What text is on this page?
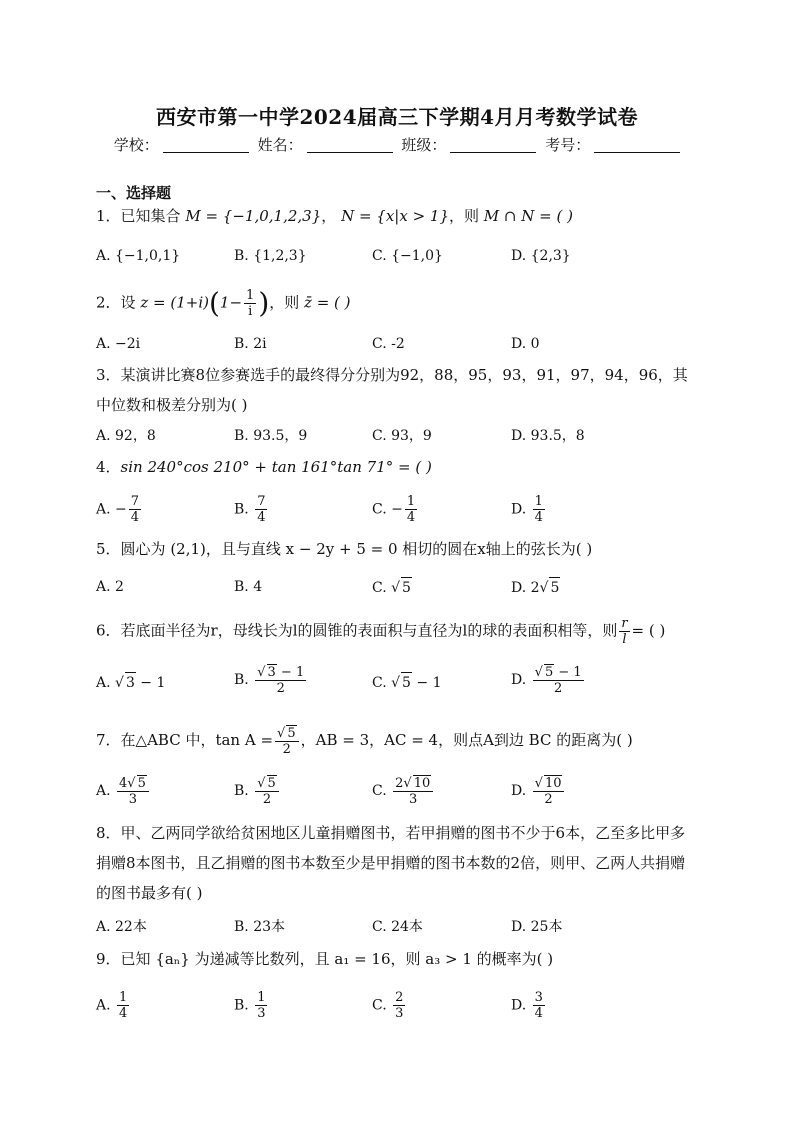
西安市第一中学2024届高三下学期4月月考数学试卷
学校：	姓名：	班级：	考号：
一、选择题
1．已知集合 M = {−1,0,1,2,3}， N = {x|x > 1}，则 M ∩ N = ( )
A. {−1,0,1}	B. {1,2,3}	C. {−1,0}	D. {2,3}
2．设 $z = (1+i)(1- \frac{1}{i}$ )，则 z̄ = ( )
A. −2i	B. 2i	C. -2	D. 0
3．某演讲比赛8位参赛选手的最终得分分别为92，88，95，93，91，97，94，96，其中位数和极差分别为( )
A. 92，8	B. 93.5，9	C. 93，9	D. 93.5，8
4．sin 240°cos 210° + tan 161°tan 71° = ( )
A. − $\frac{7}{4}$	B. $\frac{7}{4}$	C. − $\frac{1}{4}$	D. $\frac{1}{4}$
5．圆心为 (2,1)，且与直线 x − 2y + 5 = 0 相切的圆在x轴上的弦长为( )
A. 2	B. 4	C. √ 5	D. 2√ 5
6．若底面半径为r，母线长为l的圆锥的表面积与直径为l的球的表面积相等，则 $\frac{r}{l}$ = ( )
A. √ 3 − 1	B. $\frac{√ 3 - 1}{2}$	C. √ 5 − 1	D. $\frac{√ 5 - 1}{2}$
7．在△ABC 中，$\tan A = \frac{√ 5}{2}$ ，AB = 3，AC = 4，则点A到边 BC 的距离为( )
A. $\frac{4√ 5}{3}$	B. $\frac{√ 5}{2}$	C. $\frac{2√ 10}{3}$	D. $\frac{√ 10}{2}$
8．甲、乙两同学欲给贫困地区儿童捐赠图书，若甲捐赠的图书不少于6本，乙至多比甲多捐赠8本图书，且乙捐赠的图书本数至少是甲捐赠的图书本数的2倍，则甲、乙两人共捐赠的图书最多有( )
A. 22本	B. 23本	C. 24本	D. 25本
9．已知 {aₙ} 为递减等比数列，且 a₁ = 16，则 a₃ > 1 的概率为( )
A. $\frac{1}{4}$	B. $\frac{1}{3}$	C. $\frac{2}{3}$	D. $\frac{3}{4}$
